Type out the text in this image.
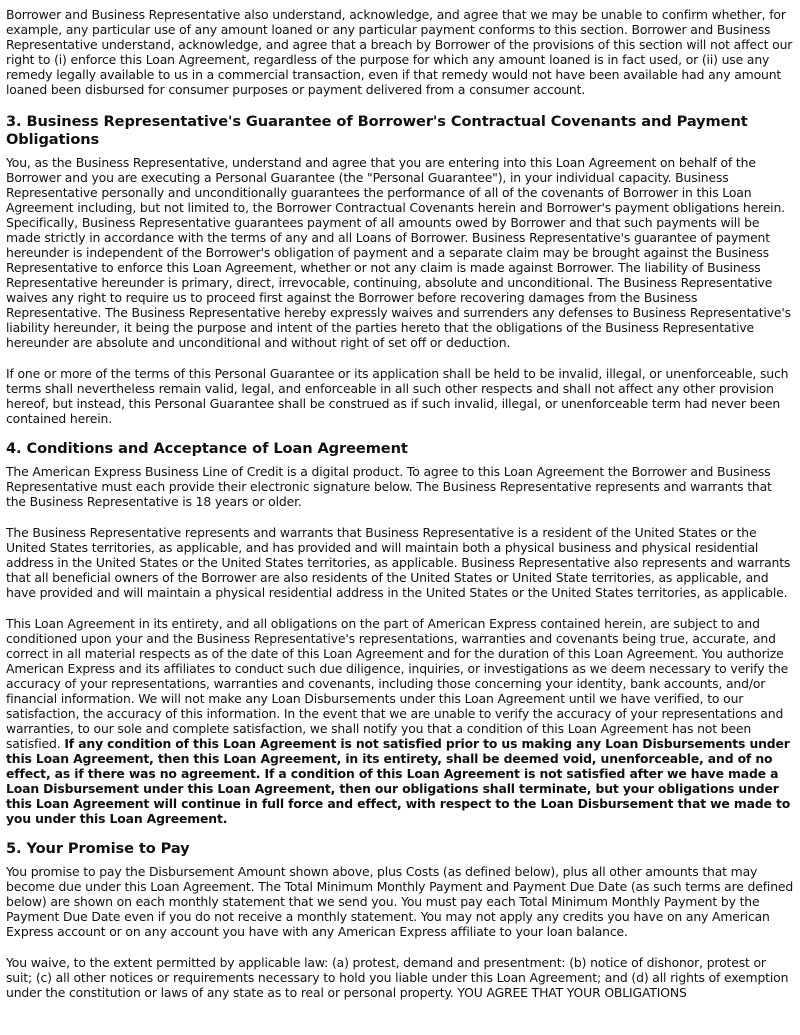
Borrower and Business Representative also understand, acknowledge, and agree that we may be unable to confirm whether, for example, any particular use of any amount loaned or any particular payment conforms to this section. Borrower and Business Representative understand, acknowledge, and agree that a breach by Borrower of the provisions of this section will not affect our right to (i) enforce this Loan Agreement, regardless of the purpose for which any amount loaned is in fact used, or (ii) use any remedy legally available to us in a commercial transaction, even if that remedy would not have been available had any amount loaned been disbursed for consumer purposes or payment delivered from a consumer account.

3. Business Representative's Guarantee of Borrower's Contractual Covenants and Payment Obligations

You, as the Business Representative, understand and agree that you are entering into this Loan Agreement on behalf of the Borrower and you are executing a Personal Guarantee (the "Personal Guarantee"), in your individual capacity. Business Representative personally and unconditionally guarantees the performance of all of the covenants of Borrower in this Loan Agreement including, but not limited to, the Borrower Contractual Covenants herein and Borrower's payment obligations herein. Specifically, Business Representative guarantees payment of all amounts owed by Borrower and that such payments will be made strictly in accordance with the terms of any and all Loans of Borrower. Business Representative's guarantee of payment hereunder is independent of the Borrower's obligation of payment and a separate claim may be brought against the Business Representative to enforce this Loan Agreement, whether or not any claim is made against Borrower. The liability of Business Representative hereunder is primary, direct, irrevocable, continuing, absolute and unconditional. The Business Representative waives any right to require us to proceed first against the Borrower before recovering damages from the Business Representative. The Business Representative hereby expressly waives and surrenders any defenses to Business Representative's liability hereunder, it being the purpose and intent of the parties hereto that the obligations of the Business Representative hereunder are absolute and unconditional and without right of set off or deduction.

If one or more of the terms of this Personal Guarantee or its application shall be held to be invalid, illegal, or unenforceable, such terms shall nevertheless remain valid, legal, and enforceable in all such other respects and shall not affect any other provision hereof, but instead, this Personal Guarantee shall be construed as if such invalid, illegal, or unenforceable term had never been contained herein.

4. Conditions and Acceptance of Loan Agreement

The American Express Business Line of Credit is a digital product. To agree to this Loan Agreement the Borrower and Business Representative must each provide their electronic signature below. The Business Representative represents and warrants that the Business Representative is 18 years or older.

The Business Representative represents and warrants that Business Representative is a resident of the United States or the United States territories, as applicable, and has provided and will maintain both a physical business and physical residential address in the United States or the United States territories, as applicable. Business Representative also represents and warrants that all beneficial owners of the Borrower are also residents of the United States or United State territories, as applicable, and have provided and will maintain a physical residential address in the United States or the United States territories, as applicable.

This Loan Agreement in its entirety, and all obligations on the part of American Express contained herein, are subject to and conditioned upon your and the Business Representative's representations, warranties and covenants being true, accurate, and correct in all material respects as of the date of this Loan Agreement and for the duration of this Loan Agreement. You authorize American Express and its affiliates to conduct such due diligence, inquiries, or investigations as we deem necessary to verify the accuracy of your representations, warranties and covenants, including those concerning your identity, bank accounts, and/or financial information. We will not make any Loan Disbursements under this Loan Agreement until we have verified, to our satisfaction, the accuracy of this information. In the event that we are unable to verify the accuracy of your representations and warranties, to our sole and complete satisfaction, we shall notify you that a condition of this Loan Agreement has not been satisfied. If any condition of this Loan Agreement is not satisfied prior to us making any Loan Disbursements under this Loan Agreement, then this Loan Agreement, in its entirety, shall be deemed void, unenforceable, and of no effect, as if there was no agreement. If a condition of this Loan Agreement is not satisfied after we have made a Loan Disbursement under this Loan Agreement, then our obligations shall terminate, but your obligations under this Loan Agreement will continue in full force and effect, with respect to the Loan Disbursement that we made to you under this Loan Agreement.

5. Your Promise to Pay

You promise to pay the Disbursement Amount shown above, plus Costs (as defined below), plus all other amounts that may become due under this Loan Agreement. The Total Minimum Monthly Payment and Payment Due Date (as such terms are defined below) are shown on each monthly statement that we send you. You must pay each Total Minimum Monthly Payment by the Payment Due Date even if you do not receive a monthly statement. You may not apply any credits you have on any American Express account or on any account you have with any American Express affiliate to your loan balance.

You waive, to the extent permitted by applicable law: (a) protest, demand and presentment: (b) notice of dishonor, protest or suit; (c) all other notices or requirements necessary to hold you liable under this Loan Agreement; and (d) all rights of exemption under the constitution or laws of any state as to real or personal property. YOU AGREE THAT YOUR OBLIGATIONS
